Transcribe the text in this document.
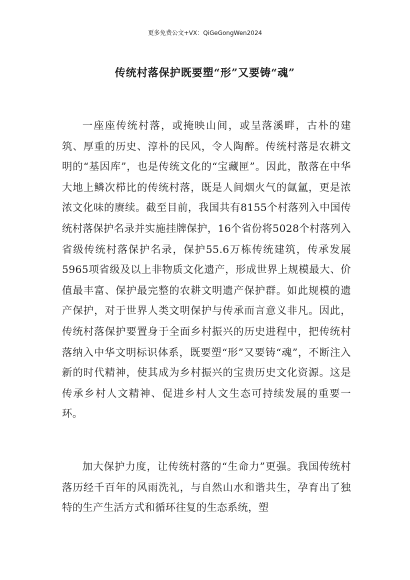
更多免费公文+VX：QiGeGongWen2024
传统村落保护既要塑“形”又要铸“魂”

一座座传统村落，或掩映山间，或呈落溪畔，古朴的建筑、厚重的历史、淳朴的民风，令人陶醉。传统村落是农耕文明的“基因库”，也是传统文化的“宝藏匣”。因此，散落在中华大地上鳞次栉比的传统村落，既是人间烟火气的氤氲，更是浓浓文化味的赓续。截至目前，我国共有8155个村落列入中国传统村落保护名录并实施挂牌保护，16个省份将5028个村落列入省级传统村落保护名录，保护55.6万栋传统建筑，传承发展5965项省级及以上非物质文化遗产，形成世界上规模最大、价值最丰富、保护最完整的农耕文明遗产保护群。如此规模的遗产保护，对于世界人类文明保护与传承而言意义非凡。因此，传统村落保护要置身于全面乡村振兴的历史进程中，把传统村落纳入中华文明标识体系，既要塑“形”又要铸“魂”，不断注入新的时代精神，使其成为乡村振兴的宝贵历史文化资源。这是传承乡村人文精神、促进乡村人文生态可持续发展的重要一环。

加大保护力度，让传统村落的“生命力”更强。我国传统村落历经千百年的风雨洗礼，与自然山水和谐共生，孕育出了独特的生产生活方式和循环往复的生态系统，塑
